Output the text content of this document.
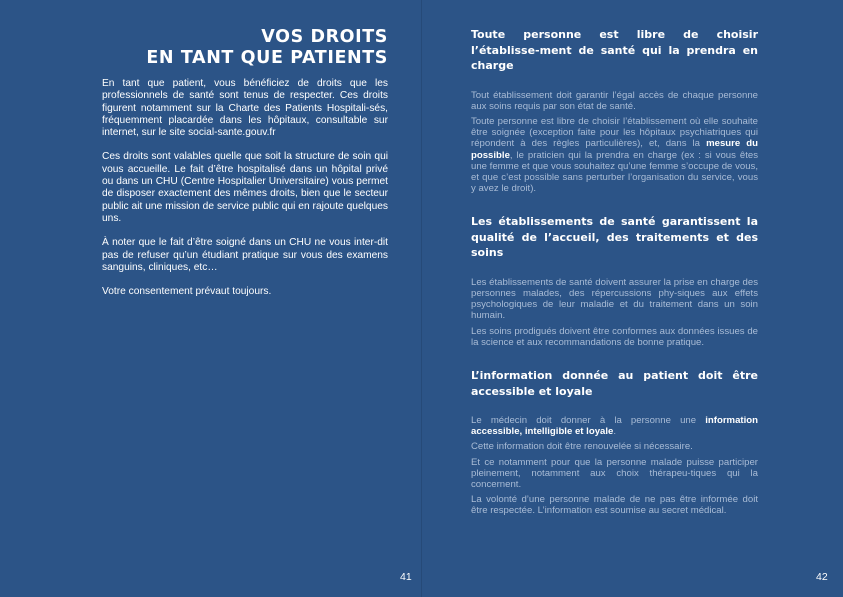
VOS DROITS
EN TANT QUE PATIENTS

En tant que patient, vous bénéficiez de droits que les professionnels de santé sont tenus de respecter. Ces droits figurent notamment sur la Charte des Patients Hospitali-sés, fréquemment placardée dans les hôpitaux, consultable sur internet, sur le site social-sante.gouv.fr

Ces droits sont valables quelle que soit la structure de soin qui vous accueille. Le fait d’être hospitalisé dans un hôpital privé ou dans un CHU (Centre Hospitalier Universitaire) vous permet de disposer exactement des mêmes droits, bien que le secteur public ait une mission de service public qui en rajoute quelques uns.

À noter que le fait d’être soigné dans un CHU ne vous inter-dit pas de refuser qu’un étudiant pratique sur vous des examens sanguins, cliniques, etc…

Votre consentement prévaut toujours.

Toute personne est libre de choisir l’établisse-ment de santé qui la prendra en charge

Tout établissement doit garantir l’égal accès de chaque personne aux soins requis par son état de santé.

Toute personne est libre de choisir l’établissement où elle souhaite être soignée (exception faite pour les hôpitaux psychiatriques qui répondent à des règles particulières), et, dans la mesure du possible, le praticien qui la prendra en charge (ex : si vous êtes une femme et que vous souhaitez qu’une femme s’occupe de vous, et que c’est possible sans perturber l’organisation du service, vous y avez le droit).

Les établissements de santé garantissent la qualité de l’accueil, des traitements et des soins

Les établissements de santé doivent assurer la prise en charge des personnes malades, des répercussions phy-siques aux effets psychologiques de leur maladie et du traitement dans un soin humain.

Les soins prodigués doivent être conformes aux données issues de la science et aux recommandations de bonne pratique.

L’information donnée au patient doit être accessible et loyale

Le médecin doit donner à la personne une information accessible, intelligible et loyale.

Cette information doit être renouvelée si nécessaire.

Et ce notamment pour que la personne malade puisse participer pleinement, notamment aux choix thérapeu-tiques qui la concernent.

La volonté d’une personne malade de ne pas être informée doit être respectée. L’information est soumise au secret médical.

41	42
